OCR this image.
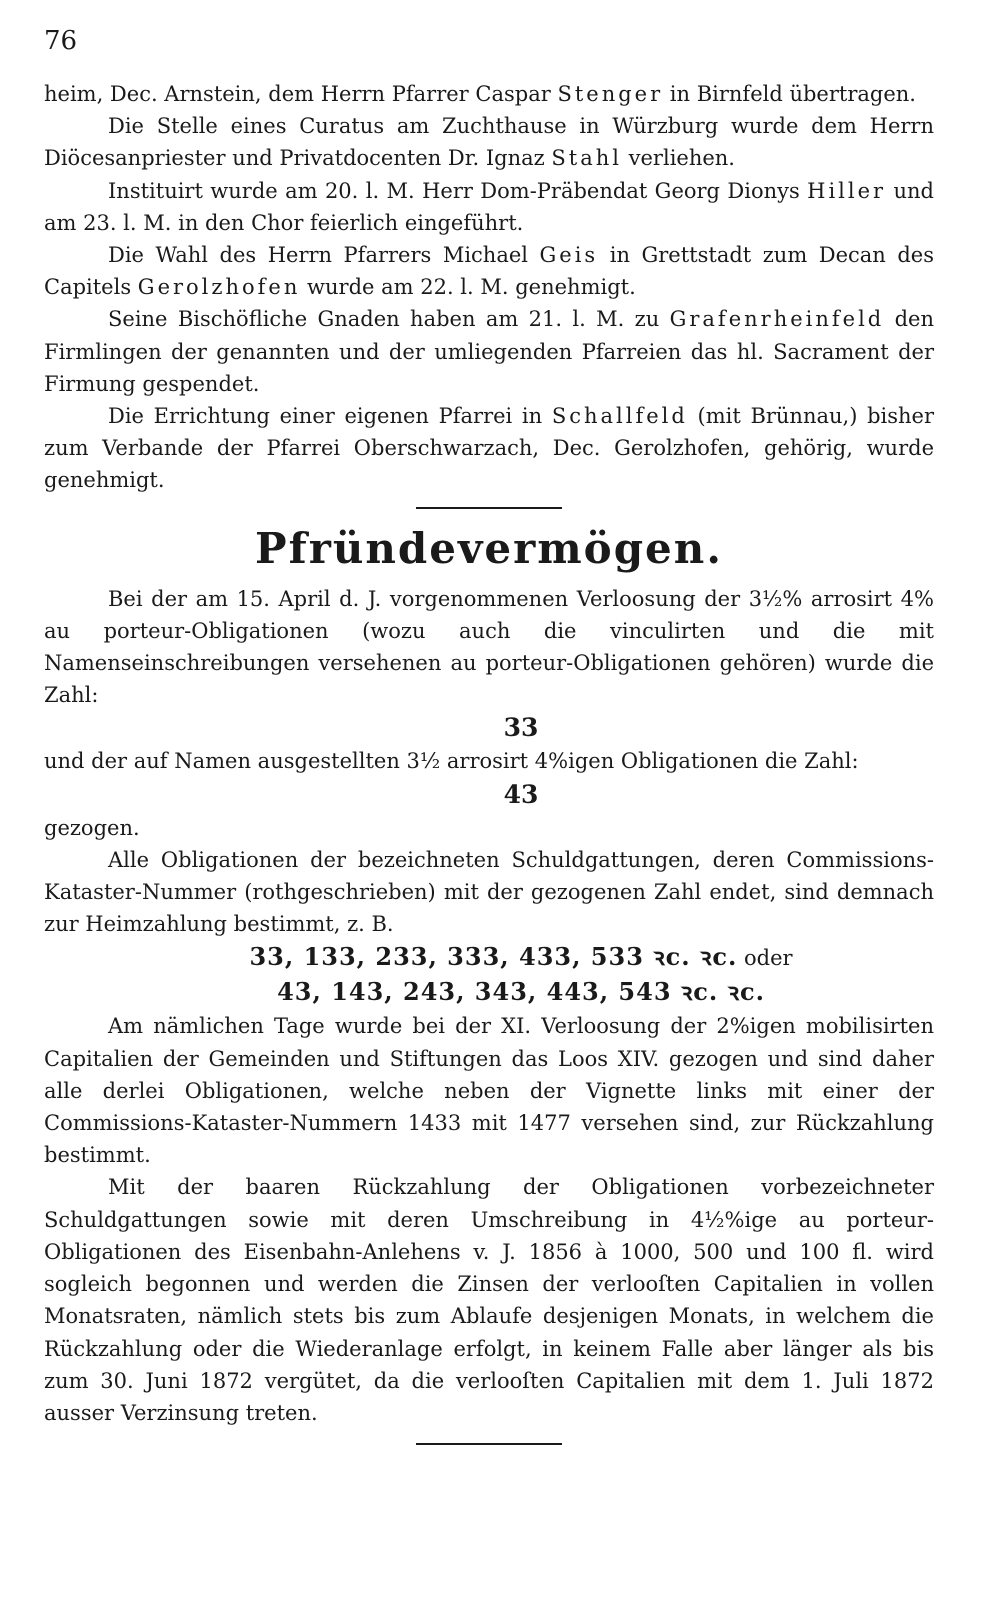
76

heim, Dec. Arnstein, dem Herrn Pfarrer Caspar Stenger in Birnfeld übertragen.

Die Stelle eines Curatus am Zuchthause in Würzburg wurde dem Herrn Diöcesanpriester und Privatdocenten Dr. Ignaz Stahl verliehen.

Instituirt wurde am 20. l. M. Herr Dom-Präbendat Georg Dionys Hiller und am 23. l. M. in den Chor feierlich eingeführt.

Die Wahl des Herrn Pfarrers Michael Geis in Grettstadt zum Decan des Capitels Gerolzhofen wurde am 22. l. M. genehmigt.

Seine Bischöfliche Gnaden haben am 21. l. M. zu Grafenrheinfeld den Firmlingen der genannten und der umliegenden Pfarreien das hl. Sacrament der Firmung gespendet.

Die Errichtung einer eigenen Pfarrei in Schallfeld (mit Brünnau,) bisher zum Verbande der Pfarrei Oberschwarzach, Dec. Gerolzhofen, gehörig, wurde genehmigt.

Pfründevermögen.

Bei der am 15. April d. J. vorgenommenen Verloosung der 3½% arrosirt 4% au porteur-Obligationen (wozu auch die vinculirten und die mit Namenseinschreibungen versehenen au porteur-Obligationen gehören) wurde die Zahl:

33

und der auf Namen ausgestellten 3½ arrosirt 4%igen Obligationen die Zahl:

43

gezogen.

Alle Obligationen der bezeichneten Schuldgattungen, deren Commissions-Kataster-Nummer (rothgeschrieben) mit der gezogenen Zahl endet, sind demnach zur Heimzahlung bestimmt, z. B.

33, 133, 233, 333, 433, 533 ꝛc. ꝛc. oder

43, 143, 243, 343, 443, 543 ꝛc. ꝛc.

Am nämlichen Tage wurde bei der XI. Verloosung der 2%igen mobilisirten Capitalien der Gemeinden und Stiftungen das Loos XIV. gezogen und sind daher alle derlei Obligationen, welche neben der Vignette links mit einer der Commissions-Kataster-Nummern 1433 mit 1477 versehen sind, zur Rückzahlung bestimmt.

Mit der baaren Rückzahlung der Obligationen vorbezeichneter Schuldgattungen sowie mit deren Umschreibung in 4½%ige au porteur-Obligationen des Eisenbahn-Anlehens v. J. 1856 à 1000, 500 und 100 fl. wird sogleich begonnen und werden die Zinsen der verlooſten Capitalien in vollen Monatsraten, nämlich stets bis zum Ablaufe desjenigen Monats, in welchem die Rückzahlung oder die Wiederanlage erfolgt, in keinem Falle aber länger als bis zum 30. Juni 1872 vergütet, da die verlooſten Capitalien mit dem 1. Juli 1872 ausser Verzinsung treten.
